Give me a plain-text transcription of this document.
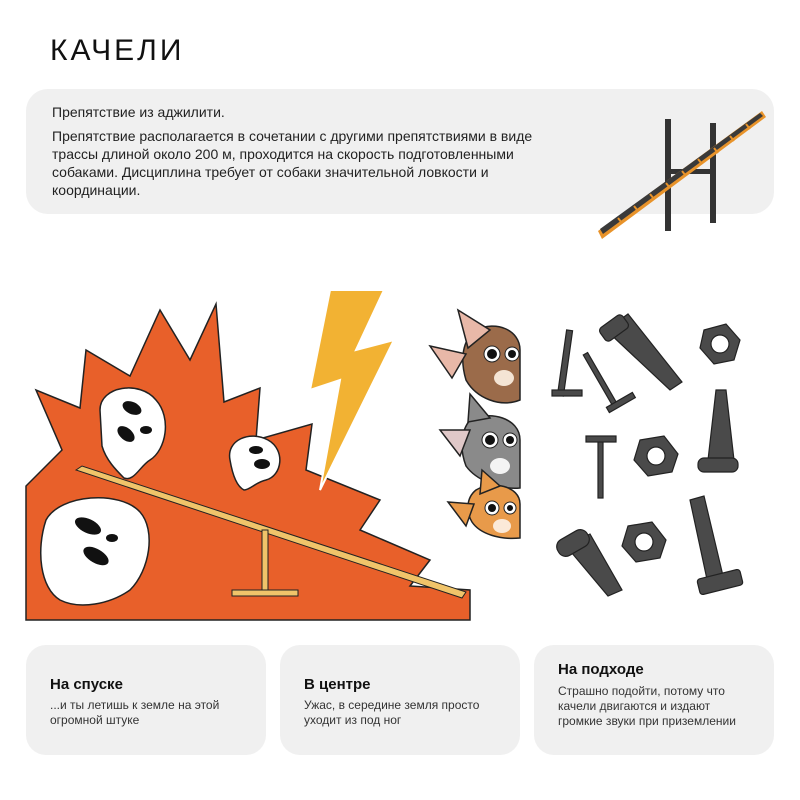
КАЧЕЛИ
Препятствие из аджилити.
Препятствие располагается в сочетании с другими препятствиями в виде трассы длиной около 200 м, проходится на скорость подготовленными собаками. Дисциплина требует от собаки значительной ловкости и координации.
На спуске

...и ты летишь к земле на этой огромной штуке

В центре

Ужас, в середине земля просто уходит из под ног

На подходе

Страшно подойти, потому что качели двигаются и издают громкие звуки при приземлении
